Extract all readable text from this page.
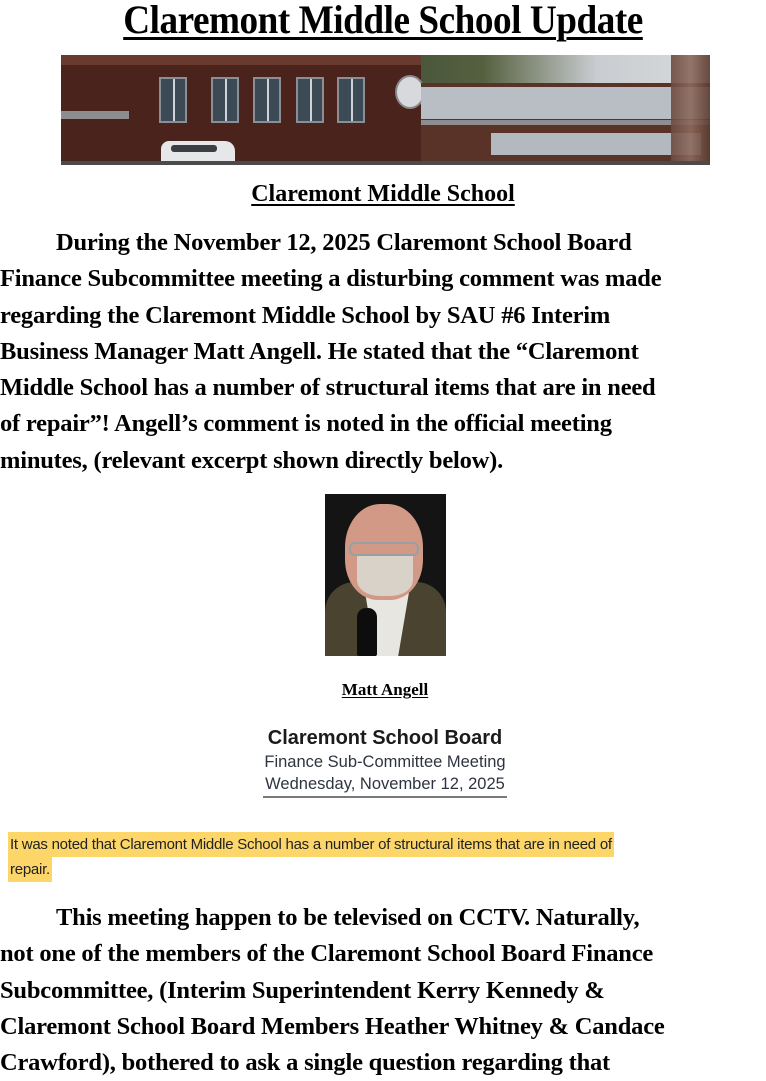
Claremont Middle School Update
Claremont Middle School
During the November 12, 2025 Claremont School Board
Finance Subcommittee meeting a disturbing comment was made
regarding the Claremont Middle School by SAU #6 Interim
Business Manager Matt Angell. He stated that the “Claremont
Middle School has a number of structural items that are in need
of repair”! Angell’s comment is noted in the official meeting
minutes, (relevant excerpt shown directly below).
Matt Angell
Claremont School Board
Finance Sub-Committee Meeting
Wednesday, November 12, 2025
It was noted that Claremont Middle School has a number of structural items that are in need of
repair.
This meeting happen to be televised on CCTV. Naturally,
not one of the members of the Claremont School Board Finance
Subcommittee, (Interim Superintendent Kerry Kennedy &
Claremont School Board Members Heather Whitney & Candace
Crawford), bothered to ask a single question regarding that
